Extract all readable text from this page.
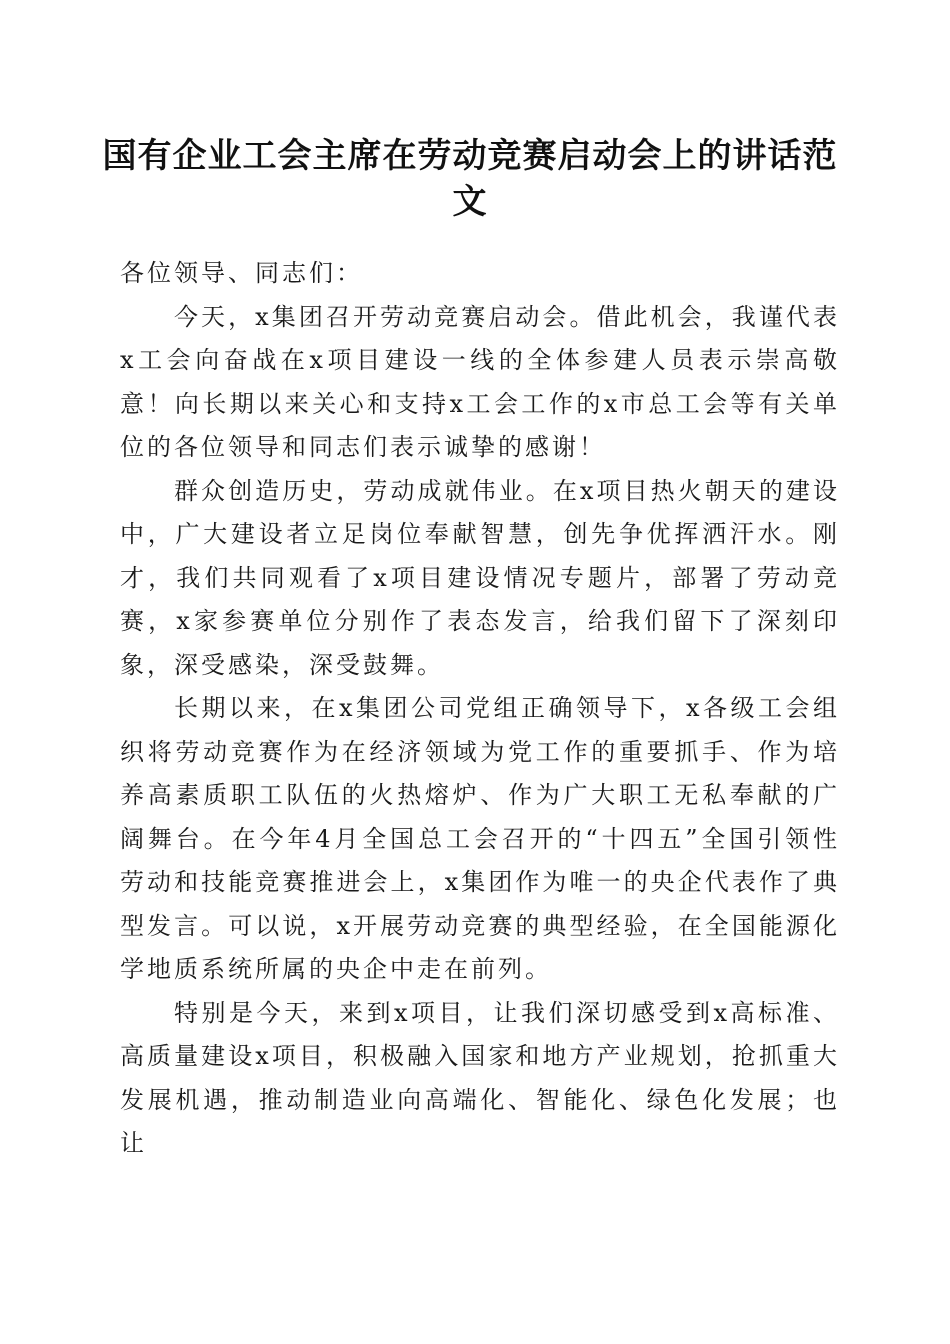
国有企业工会主席在劳动竞赛启动会上的讲话范文

各位领导、同志们：

今天，x集团召开劳动竞赛启动会。借此机会，我谨代表x工会向奋战在x项目建设一线的全体参建人员表示崇高敬意！向长期以来关心和支持x工会工作的x市总工会等有关单位的各位领导和同志们表示诚挚的感谢！

群众创造历史，劳动成就伟业。在x项目热火朝天的建设中，广大建设者立足岗位奉献智慧，创先争优挥洒汗水。刚才，我们共同观看了x项目建设情况专题片，部署了劳动竞赛，x家参赛单位分别作了表态发言，给我们留下了深刻印象，深受感染，深受鼓舞。

长期以来，在x集团公司党组正确领导下，x各级工会组织将劳动竞赛作为在经济领域为党工作的重要抓手、作为培养高素质职工队伍的火热熔炉、作为广大职工无私奉献的广阔舞台。在今年4月全国总工会召开的“十四五”全国引领性劳动和技能竞赛推进会上，x集团作为唯一的央企代表作了典型发言。可以说，x开展劳动竞赛的典型经验，在全国能源化学地质系统所属的央企中走在前列。

特别是今天，来到x项目，让我们深切感受到x高标准、高质量建设x项目，积极融入国家和地方产业规划，抢抓重大发展机遇，推动制造业向高端化、智能化、绿色化发展；也让
